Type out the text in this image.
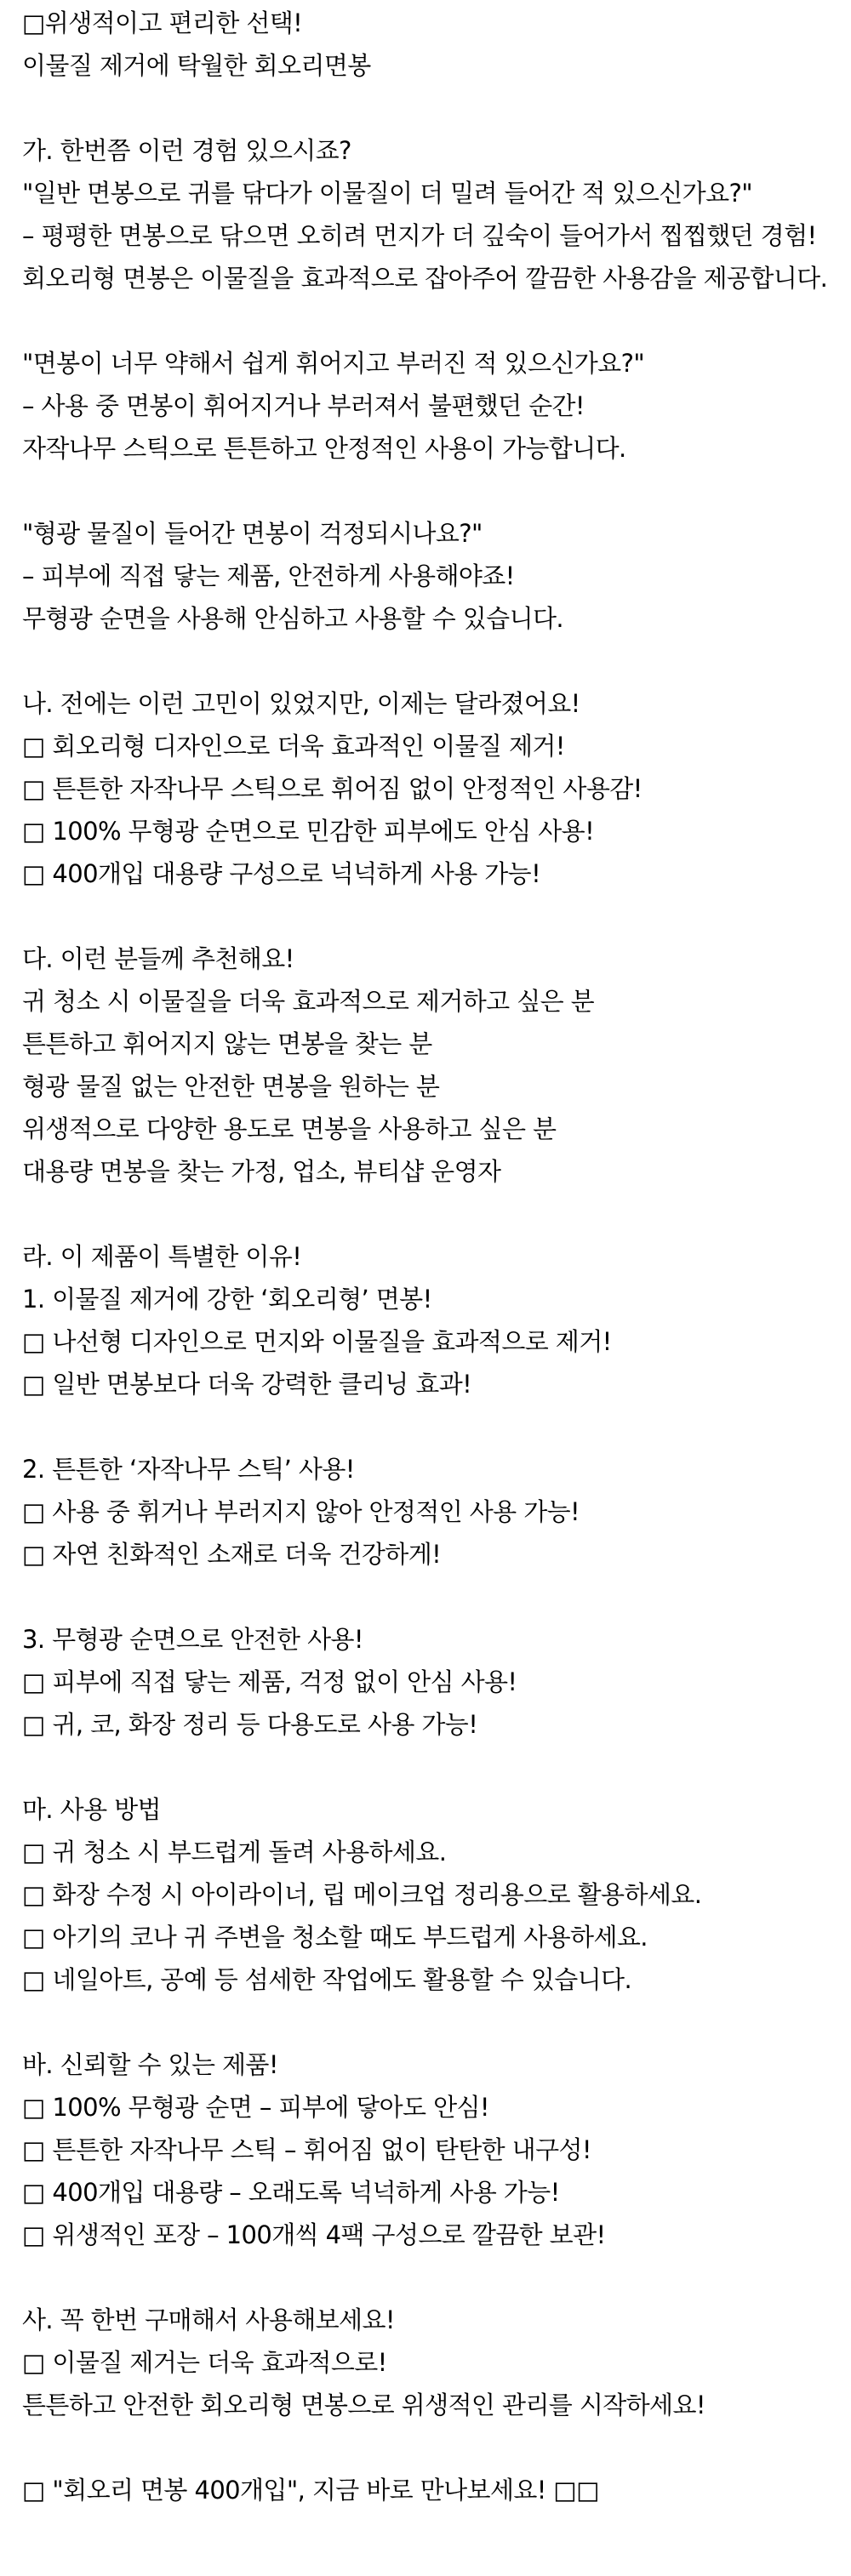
□위생적이고 편리한 선택!
이물질 제거에 탁월한 회오리면봉
가. 한번쯤 이런 경험 있으시죠?
"일반 면봉으로 귀를 닦다가 이물질이 더 밀려 들어간 적 있으신가요?"
– 평평한 면봉으로 닦으면 오히려 먼지가 더 깊숙이 들어가서 찝찝했던 경험!
회오리형 면봉은 이물질을 효과적으로 잡아주어 깔끔한 사용감을 제공합니다.
"면봉이 너무 약해서 쉽게 휘어지고 부러진 적 있으신가요?"
– 사용 중 면봉이 휘어지거나 부러져서 불편했던 순간!
자작나무 스틱으로 튼튼하고 안정적인 사용이 가능합니다.
"형광 물질이 들어간 면봉이 걱정되시나요?"
– 피부에 직접 닿는 제품, 안전하게 사용해야죠!
무형광 순면을 사용해 안심하고 사용할 수 있습니다.
나. 전에는 이런 고민이 있었지만, 이제는 달라졌어요!
□ 회오리형 디자인으로 더욱 효과적인 이물질 제거!
□ 튼튼한 자작나무 스틱으로 휘어짐 없이 안정적인 사용감!
□ 100% 무형광 순면으로 민감한 피부에도 안심 사용!
□ 400개입 대용량 구성으로 넉넉하게 사용 가능!
다. 이런 분들께 추천해요!
귀 청소 시 이물질을 더욱 효과적으로 제거하고 싶은 분
튼튼하고 휘어지지 않는 면봉을 찾는 분
형광 물질 없는 안전한 면봉을 원하는 분
위생적으로 다양한 용도로 면봉을 사용하고 싶은 분
대용량 면봉을 찾는 가정, 업소, 뷰티샵 운영자
라. 이 제품이 특별한 이유!
1. 이물질 제거에 강한 ‘회오리형’ 면봉!
□ 나선형 디자인으로 먼지와 이물질을 효과적으로 제거!
□ 일반 면봉보다 더욱 강력한 클리닝 효과!
2. 튼튼한 ‘자작나무 스틱’ 사용!
□ 사용 중 휘거나 부러지지 않아 안정적인 사용 가능!
□ 자연 친화적인 소재로 더욱 건강하게!
3. 무형광 순면으로 안전한 사용!
□ 피부에 직접 닿는 제품, 걱정 없이 안심 사용!
□ 귀, 코, 화장 정리 등 다용도로 사용 가능!
마. 사용 방법
□ 귀 청소 시 부드럽게 돌려 사용하세요.
□ 화장 수정 시 아이라이너, 립 메이크업 정리용으로 활용하세요.
□ 아기의 코나 귀 주변을 청소할 때도 부드럽게 사용하세요.
□ 네일아트, 공예 등 섬세한 작업에도 활용할 수 있습니다.
바. 신뢰할 수 있는 제품!
□ 100% 무형광 순면 – 피부에 닿아도 안심!
□ 튼튼한 자작나무 스틱 – 휘어짐 없이 탄탄한 내구성!
□ 400개입 대용량 – 오래도록 넉넉하게 사용 가능!
□ 위생적인 포장 – 100개씩 4팩 구성으로 깔끔한 보관!
사. 꼭 한번 구매해서 사용해보세요!
□ 이물질 제거는 더욱 효과적으로!
튼튼하고 안전한 회오리형 면봉으로 위생적인 관리를 시작하세요!
□ "회오리 면봉 400개입", 지금 바로 만나보세요! □□
